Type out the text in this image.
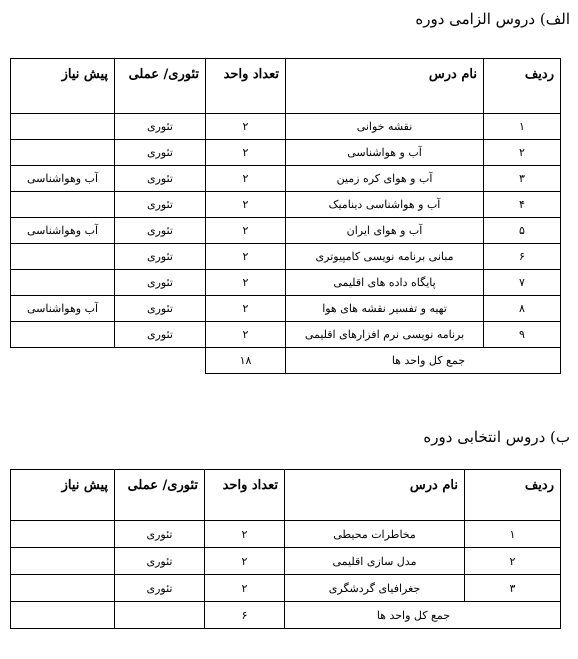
الف) دروس الزامی دوره
ردیف	نام درس	تعداد واحد	تئوری/ عملی	پیش نیاز
۱	نقشه خوانی	۲	تئوری	
۲	آب و هواشناسی	۲	تئوری	
۳	آب و هوای کره زمین	۲	تئوری	آب وهواشناسی
۴	آب و هواشناسی دینامیک	۲	تئوری	
۵	آب و هوای ایران	۲	تئوری	آب وهواشناسی
۶	مبانی برنامه نویسی کامپیوتری	۲	تئوری	
۷	پایگاه داده های اقلیمی	۲	تئوری	
۸	تهیه و تفسیر نقشه های هوا	۲	تئوری	آب وهواشناسی
۹	برنامه نویسی نرم افزارهای اقلیمی	۲	تئوری	
جمع کل واحد ها		۱۸		
ب) دروس انتخابی دوره
ردیف	نام درس	تعداد واحد	تئوری/ عملی	پیش نیاز
۱	مخاطرات محیطی	۲	تئوری	
۲	مدل سازی اقلیمی	۲	تئوری	
۳	جغرافیای گردشگری	۲	تئوری	
جمع کل واحد ها		۶		
